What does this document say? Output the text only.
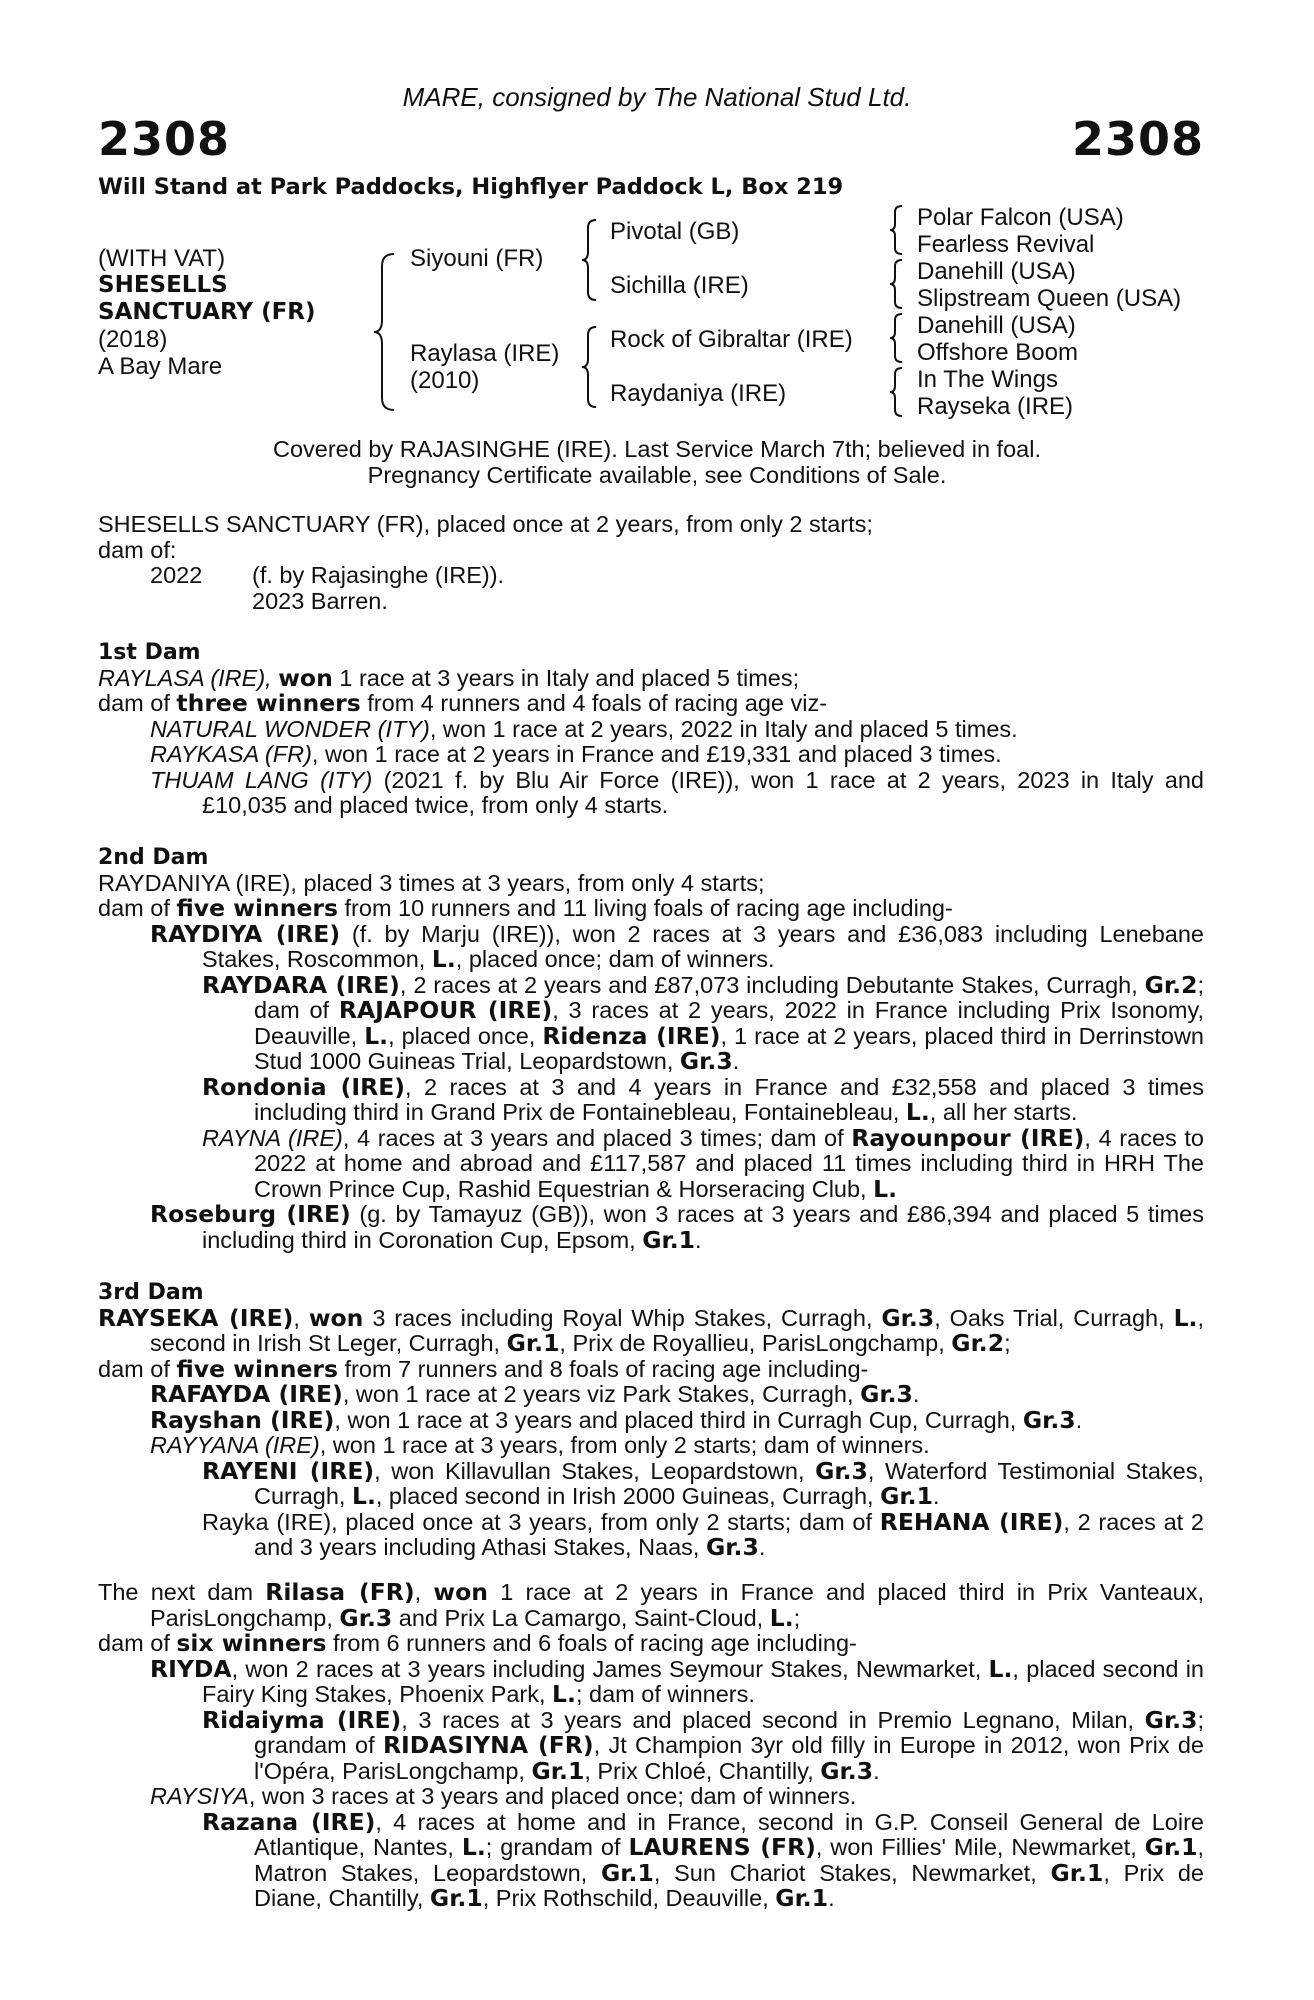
MARE, consigned by The National Stud Ltd.
2308	2308
Will Stand at Park Paddocks, Highflyer Paddock L, Box 219
(WITH VAT)
SHESELLS
SANCTUARY (FR)
(2018)
A Bay Mare
Siyouni (FR)
Raylasa (IRE)
(2010)
Pivotal (GB)
Sichilla (IRE)
Rock of Gibraltar (IRE)
Raydaniya (IRE)
Polar Falcon (USA)
Fearless Revival
Danehill (USA)
Slipstream Queen (USA)
Danehill (USA)
Offshore Boom
In The Wings
Rayseka (IRE)
Covered by RAJASINGHE (IRE). Last Service March 7th; believed in foal.
Pregnancy Certificate available, see Conditions of Sale.

SHESELLS SANCTUARY (FR), placed once at 2 years, from only 2 starts;

dam of:

2022 (f. by Rajasinghe (IRE)).
2023 Barren.

1st Dam

RAYLASA (IRE), won 1 race at 3 years in Italy and placed 5 times;

dam of three winners from 4 runners and 4 foals of racing age viz-

NATURAL WONDER (ITY), won 1 race at 2 years, 2022 in Italy and placed 5 times.

RAYKASA (FR), won 1 race at 2 years in France and £19,331 and placed 3 times.

THUAM LANG (ITY) (2021 f. by Blu Air Force (IRE)), won 1 race at 2 years, 2023 in Italy and £10,035 and placed twice, from only 4 starts.

2nd Dam

RAYDANIYA (IRE), placed 3 times at 3 years, from only 4 starts;

dam of five winners from 10 runners and 11 living foals of racing age including-

RAYDIYA (IRE) (f. by Marju (IRE)), won 2 races at 3 years and £36,083 including Lenebane Stakes, Roscommon, L., placed once; dam of winners.

RAYDARA (IRE), 2 races at 2 years and £87,073 including Debutante Stakes, Curragh, Gr.2; dam of RAJAPOUR (IRE), 3 races at 2 years, 2022 in France including Prix Isonomy, Deauville, L., placed once, Ridenza (IRE), 1 race at 2 years, placed third in Derrinstown Stud 1000 Guineas Trial, Leopardstown, Gr.3.

Rondonia (IRE), 2 races at 3 and 4 years in France and £32,558 and placed 3 times including third in Grand Prix de Fontainebleau, Fontainebleau, L., all her starts.

RAYNA (IRE), 4 races at 3 years and placed 3 times; dam of Rayounpour (IRE), 4 races to 2022 at home and abroad and £117,587 and placed 11 times including third in HRH The Crown Prince Cup, Rashid Equestrian & Horseracing Club, L.

Roseburg (IRE) (g. by Tamayuz (GB)), won 3 races at 3 years and £86,394 and placed 5 times including third in Coronation Cup, Epsom, Gr.1.

3rd Dam

RAYSEKA (IRE), won 3 races including Royal Whip Stakes, Curragh, Gr.3, Oaks Trial, Curragh, L., second in Irish St Leger, Curragh, Gr.1, Prix de Royallieu, ParisLongchamp, Gr.2;

dam of five winners from 7 runners and 8 foals of racing age including-

RAFAYDA (IRE), won 1 race at 2 years viz Park Stakes, Curragh, Gr.3.

Rayshan (IRE), won 1 race at 3 years and placed third in Curragh Cup, Curragh, Gr.3.

RAYYANA (IRE), won 1 race at 3 years, from only 2 starts; dam of winners.

RAYENI (IRE), won Killavullan Stakes, Leopardstown, Gr.3, Waterford Testimonial Stakes, Curragh, L., placed second in Irish 2000 Guineas, Curragh, Gr.1.

Rayka (IRE), placed once at 3 years, from only 2 starts; dam of REHANA (IRE), 2 races at 2 and 3 years including Athasi Stakes, Naas, Gr.3.

The next dam Rilasa (FR), won 1 race at 2 years in France and placed third in Prix Vanteaux, ParisLongchamp, Gr.3 and Prix La Camargo, Saint-Cloud, L.;

dam of six winners from 6 runners and 6 foals of racing age including-

RIYDA, won 2 races at 3 years including James Seymour Stakes, Newmarket, L., placed second in Fairy King Stakes, Phoenix Park, L.; dam of winners.

Ridaiyma (IRE), 3 races at 3 years and placed second in Premio Legnano, Milan, Gr.3; grandam of RIDASIYNA (FR), Jt Champion 3yr old filly in Europe in 2012, won Prix de l'Opéra, ParisLongchamp, Gr.1, Prix Chloé, Chantilly, Gr.3.

RAYSIYA, won 3 races at 3 years and placed once; dam of winners.

Razana (IRE), 4 races at home and in France, second in G.P. Conseil General de Loire Atlantique, Nantes, L.; grandam of LAURENS (FR), won Fillies' Mile, Newmarket, Gr.1, Matron Stakes, Leopardstown, Gr.1, Sun Chariot Stakes, Newmarket, Gr.1, Prix de Diane, Chantilly, Gr.1, Prix Rothschild, Deauville, Gr.1.
